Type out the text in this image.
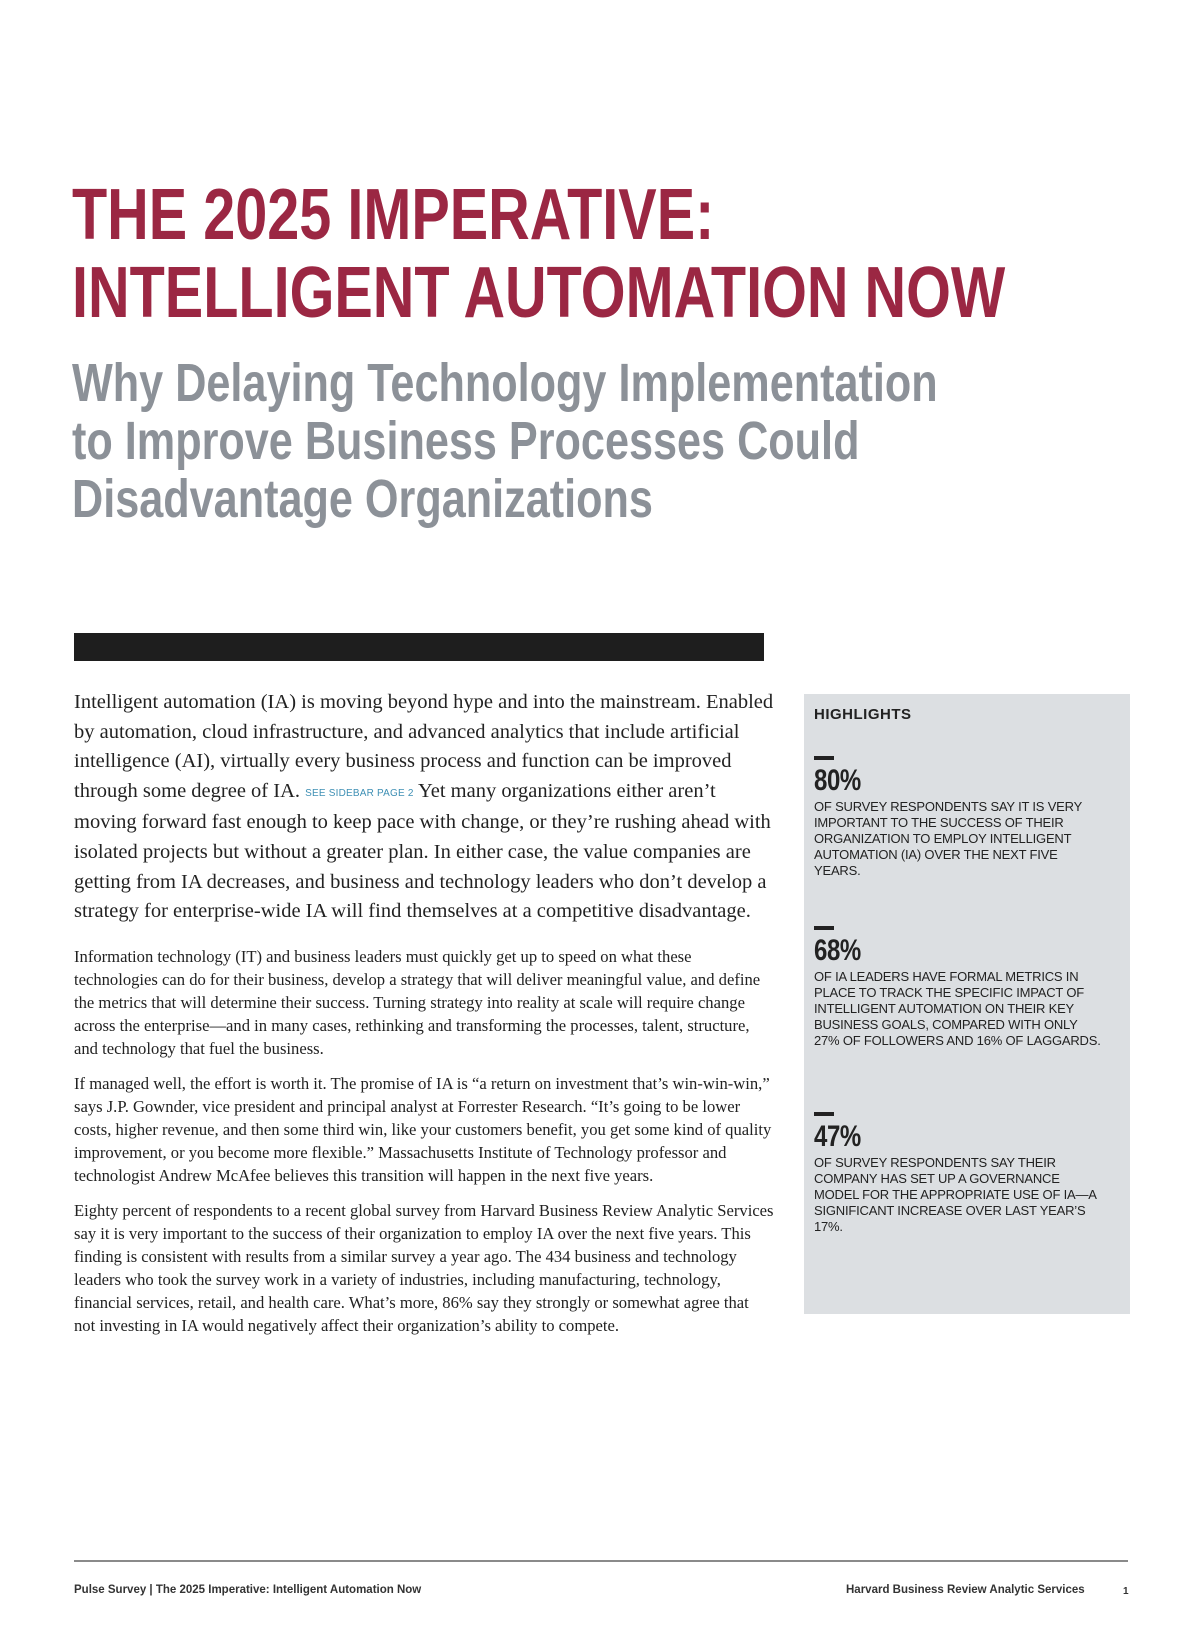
THE 2025 IMPERATIVE:
INTELLIGENT AUTOMATION NOW
Why Delaying Technology Implementation
to Improve Business Processes Could
Disadvantage Organizations

Intelligent automation (IA) is moving beyond hype and into the mainstream. Enabled by automation, cloud infrastructure, and advanced analytics that include artificial intelligence (AI), virtually every business process and function can be improved through some degree of IA. SEE SIDEBAR PAGE 2 Yet many organizations either aren’t moving forward fast enough to keep pace with change, or they’re rushing ahead with isolated projects but without a greater plan. In either case, the value companies are getting from IA decreases, and business and technology leaders who don’t develop a strategy for enterprise-wide IA will find themselves at a competitive disadvantage.

Information technology (IT) and business leaders must quickly get up to speed on what these technologies can do for their business, develop a strategy that will deliver meaningful value, and define the metrics that will determine their success. Turning strategy into reality at scale will require change across the enterprise—and in many cases, rethinking and transforming the processes, talent, structure, and technology that fuel the business.

If managed well, the effort is worth it. The promise of IA is “a return on investment that’s win-win-win,” says J.P. Gownder, vice president and principal analyst at Forrester Research. “It’s going to be lower costs, higher revenue, and then some third win, like your customers benefit, you get some kind of quality improvement, or you become more flexible.” Massachusetts Institute of Technology professor and technologist Andrew McAfee believes this transition will happen in the next five years.

Eighty percent of respondents to a recent global survey from Harvard Business Review Analytic Services say it is very important to the success of their organization to employ IA over the next five years. This finding is consistent with results from a similar survey a year ago. The 434 business and technology leaders who took the survey work in a variety of industries, including manufacturing, technology, financial services, retail, and health care. What’s more, 86% say they strongly or somewhat agree that not investing in IA would negatively affect their organization’s ability to compete.

HIGHLIGHTS
80%
OF SURVEY RESPONDENTS SAY IT IS VERY IMPORTANT TO THE SUCCESS OF THEIR ORGANIZATION TO EMPLOY INTELLIGENT AUTOMATION (IA) OVER THE NEXT FIVE YEARS.
68%
OF IA LEADERS HAVE FORMAL METRICS IN PLACE TO TRACK THE SPECIFIC IMPACT OF INTELLIGENT AUTOMATION ON THEIR KEY BUSINESS GOALS, COMPARED WITH ONLY 27% OF FOLLOWERS AND 16% OF LAGGARDS.
47%
OF SURVEY RESPONDENTS SAY THEIR COMPANY HAS SET UP A GOVERNANCE MODEL FOR THE APPROPRIATE USE OF IA—A SIGNIFICANT INCREASE OVER LAST YEAR’S 17%.
Pulse Survey | The 2025 Imperative: Intelligent Automation Now	Harvard Business Review Analytic Services	1
